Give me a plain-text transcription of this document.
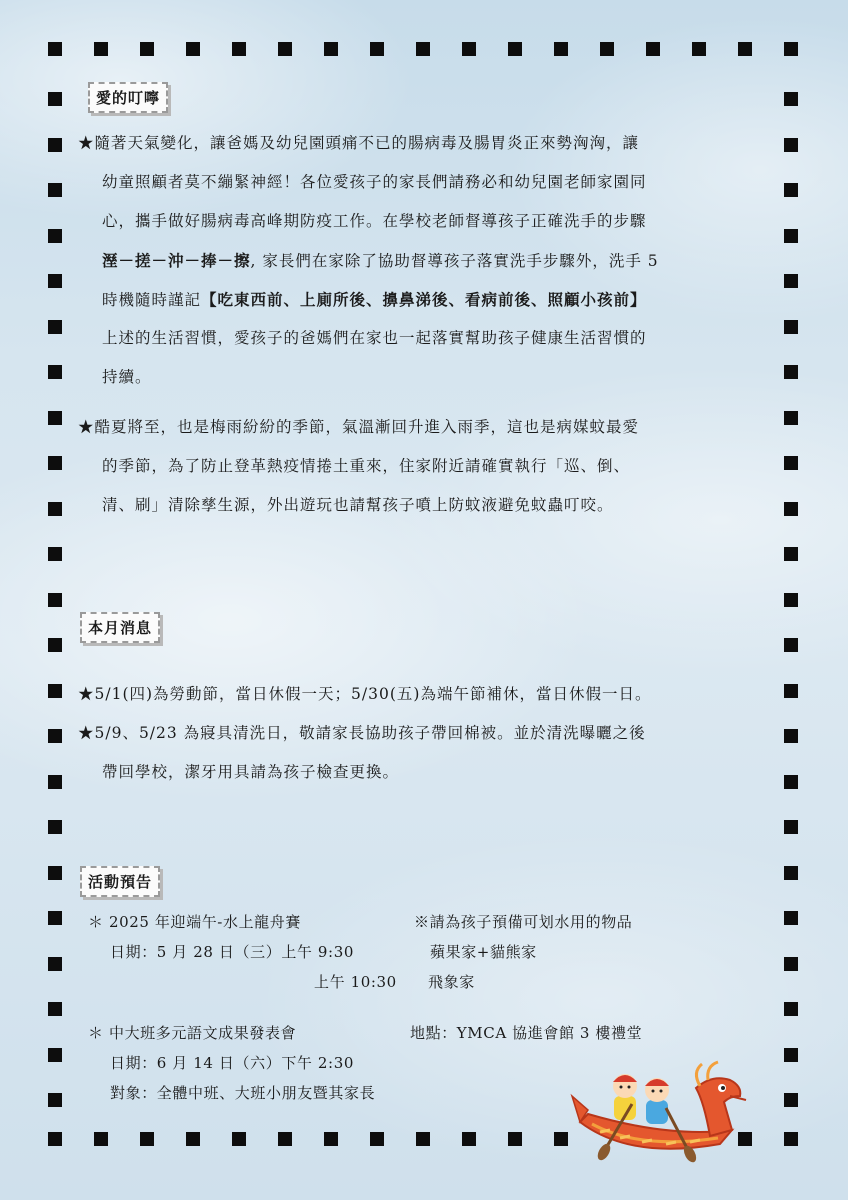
愛的叮嚀
★隨著天氣變化，讓爸媽及幼兒園頭痛不已的腸病毒及腸胃炎正來勢洶洶，讓
幼童照顧者莫不繃緊神經！各位愛孩子的家長們請務必和幼兒園老師家園同
心，攜手做好腸病毒高峰期防疫工作。在學校老師督導孩子正確洗手的步驟
溼－搓－沖－捧－擦, 家長們在家除了協助督導孩子落實洗手步驟外，洗手 5
時機隨時謹記【吃東西前、上廁所後、擤鼻涕後、看病前後、照顧小孩前】
上述的生活習慣，愛孩子的爸媽們在家也一起落實幫助孩子健康生活習慣的
持續。
★酷夏將至，也是梅雨紛紛的季節，氣溫漸回升進入雨季，這也是病媒蚊最愛
的季節，為了防止登革熱疫情捲土重來，住家附近請確實執行「巡、倒、
清、刷」清除孳生源，外出遊玩也請幫孩子噴上防蚊液避免蚊蟲叮咬。
本月消息
★5/1(四)為勞動節，當日休假一天；5/30(五)為端午節補休，當日休假一日。
★5/9、5/23 為寢具清洗日，敬請家長協助孩子帶回棉被。並於清洗曝曬之後
帶回學校，潔牙用具請為孩子檢查更換。
活動預告
＊ 2025 年迎端午-水上龍舟賽	※請為孩子預備可划水用的物品
日期：5 月 28 日（三）上午 9:30	蘋果家+貓熊家
上午 10:30 飛象家
＊ 中大班多元語文成果發表會	地點：YMCA 協進會館 3 樓禮堂
日期：6 月 14 日（六）下午 2:30
對象：全體中班、大班小朋友暨其家長
